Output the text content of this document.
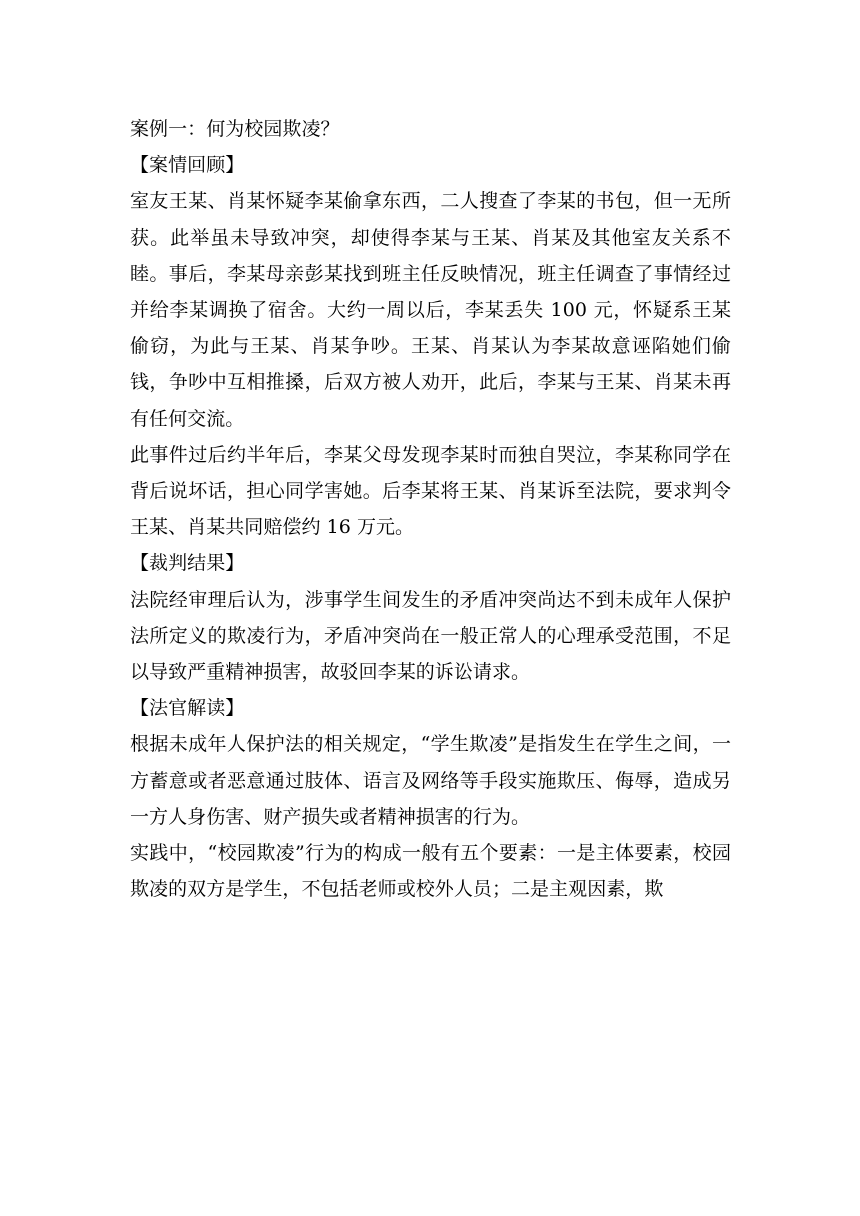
案例一：何为校园欺凌？

【案情回顾】

室友王某、肖某怀疑李某偷拿东西，二人搜查了李某的书包，但一无所获。此举虽未导致冲突，却使得李某与王某、肖某及其他室友关系不睦。事后，李某母亲彭某找到班主任反映情况，班主任调查了事情经过并给李某调换了宿舍。大约一周以后，李某丢失 100 元，怀疑系王某偷窃，为此与王某、肖某争吵。王某、肖某认为李某故意诬陷她们偷钱，争吵中互相推搡，后双方被人劝开，此后，李某与王某、肖某未再有任何交流。

此事件过后约半年后，李某父母发现李某时而独自哭泣，李某称同学在背后说坏话，担心同学害她。后李某将王某、肖某诉至法院，要求判令王某、肖某共同赔偿约 16 万元。

【裁判结果】

法院经审理后认为，涉事学生间发生的矛盾冲突尚达不到未成年人保护法所定义的欺凌行为，矛盾冲突尚在一般正常人的心理承受范围，不足以导致严重精神损害，故驳回李某的诉讼请求。

【法官解读】

根据未成年人保护法的相关规定，“学生欺凌”是指发生在学生之间，一方蓄意或者恶意通过肢体、语言及网络等手段实施欺压、侮辱，造成另一方人身伤害、财产损失或者精神损害的行为。

实践中，“校园欺凌”行为的构成一般有五个要素：一是主体要素，校园欺凌的双方是学生，不包括老师或校外人员；二是主观因素，欺
